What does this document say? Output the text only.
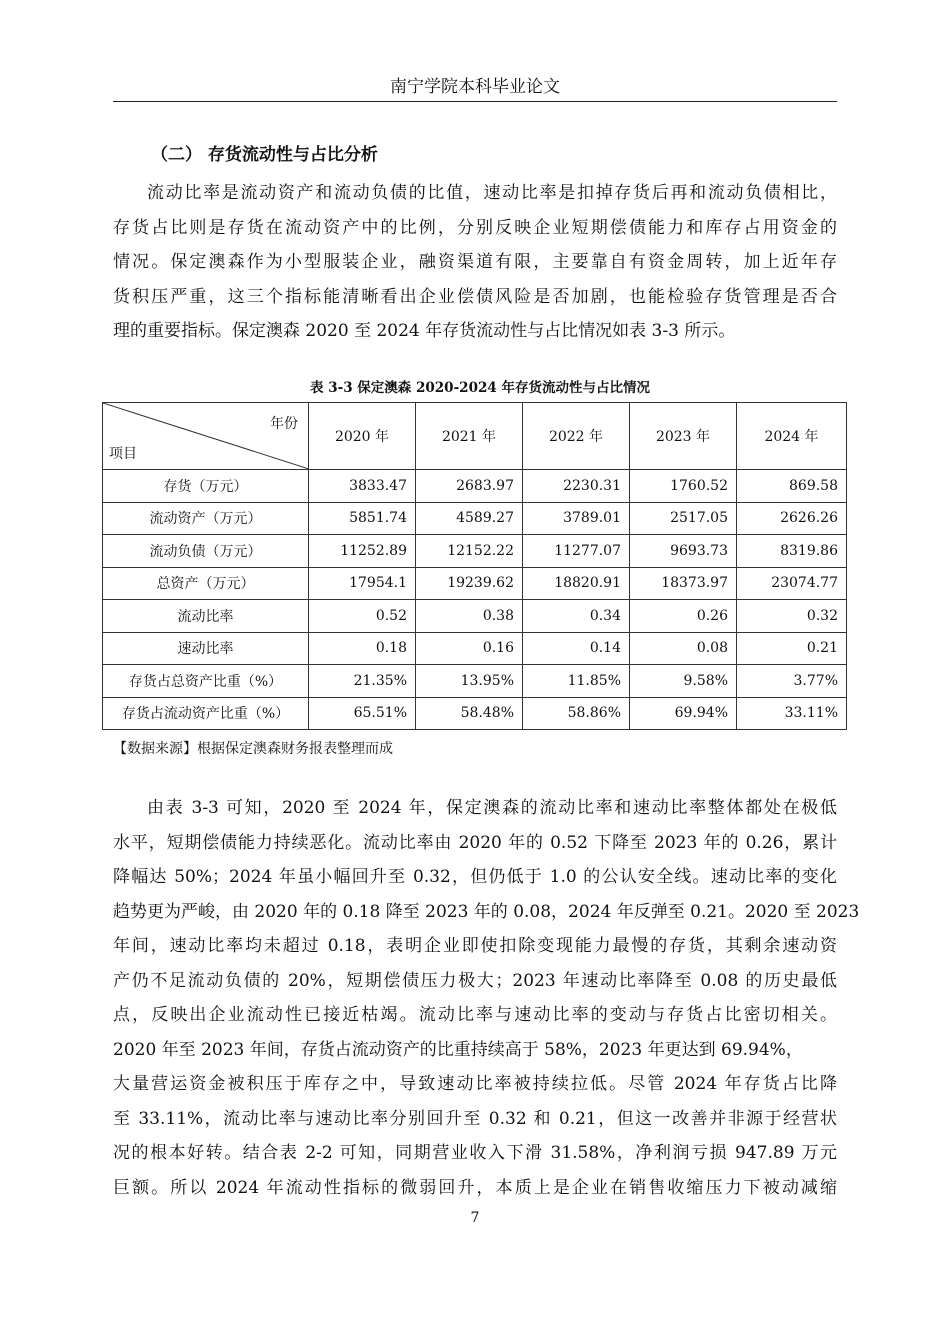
南宁学院本科毕业论文
（二） 存货流动性与占比分析
流动比率是流动资产和流动负债的比值，速动比率是扣掉存货后再和流动负债相比，
存货占比则是存货在流动资产中的比例，分别反映企业短期偿债能力和库存占用资金的
情况。保定澳森作为小型服装企业，融资渠道有限，主要靠自有资金周转，加上近年存
货积压严重，这三个指标能清晰看出企业偿债风险是否加剧，也能检验存货管理是否合
理的重要指标。保定澳森 2020 至 2024 年存货流动性与占比情况如表 3-3 所示。
表 3-3 保定澳森 2020-2024 年存货流动性与占比情况
年份
项目	2020 年	2021 年	2022 年	2023 年	2024 年
存货（万元）	3833.47	2683.97	2230.31	1760.52	869.58
流动资产（万元）	5851.74	4589.27	3789.01	2517.05	2626.26
流动负债（万元）	11252.89	12152.22	11277.07	9693.73	8319.86
总资产（万元）	17954.1	19239.62	18820.91	18373.97	23074.77
流动比率	0.52	0.38	0.34	0.26	0.32
速动比率	0.18	0.16	0.14	0.08	0.21
存货占总资产比重（%）	21.35%	13.95%	11.85%	9.58%	3.77%
存货占流动资产比重（%）	65.51%	58.48%	58.86%	69.94%	33.11%
【数据来源】根据保定澳森财务报表整理而成
由表 3-3 可知，2020 至 2024 年，保定澳森的流动比率和速动比率整体都处在极低
水平，短期偿债能力持续恶化。流动比率由 2020 年的 0.52 下降至 2023 年的 0.26，累计
降幅达 50%；2024 年虽小幅回升至 0.32，但仍低于 1.0 的公认安全线。速动比率的变化
趋势更为严峻，由 2020 年的 0.18 降至 2023 年的 0.08，2024 年反弹至 0.21。2020 至 2023
年间，速动比率均未超过 0.18，表明企业即使扣除变现能力最慢的存货，其剩余速动资
产仍不足流动负债的 20%，短期偿债压力极大；2023 年速动比率降至 0.08 的历史最低
点，反映出企业流动性已接近枯竭。流动比率与速动比率的变动与存货占比密切相关。
2020 年至 2023 年间，存货占流动资产的比重持续高于 58%，2023 年更达到 69.94%，
大量营运资金被积压于库存之中，导致速动比率被持续拉低。尽管 2024 年存货占比降
至 33.11%，流动比率与速动比率分别回升至 0.32 和 0.21，但这一改善并非源于经营状
况的根本好转。结合表 2-2 可知，同期营业收入下滑 31.58%，净利润亏损 947.89 万元
巨额。所以 2024 年流动性指标的微弱回升，本质上是企业在销售收缩压力下被动减缩
7
